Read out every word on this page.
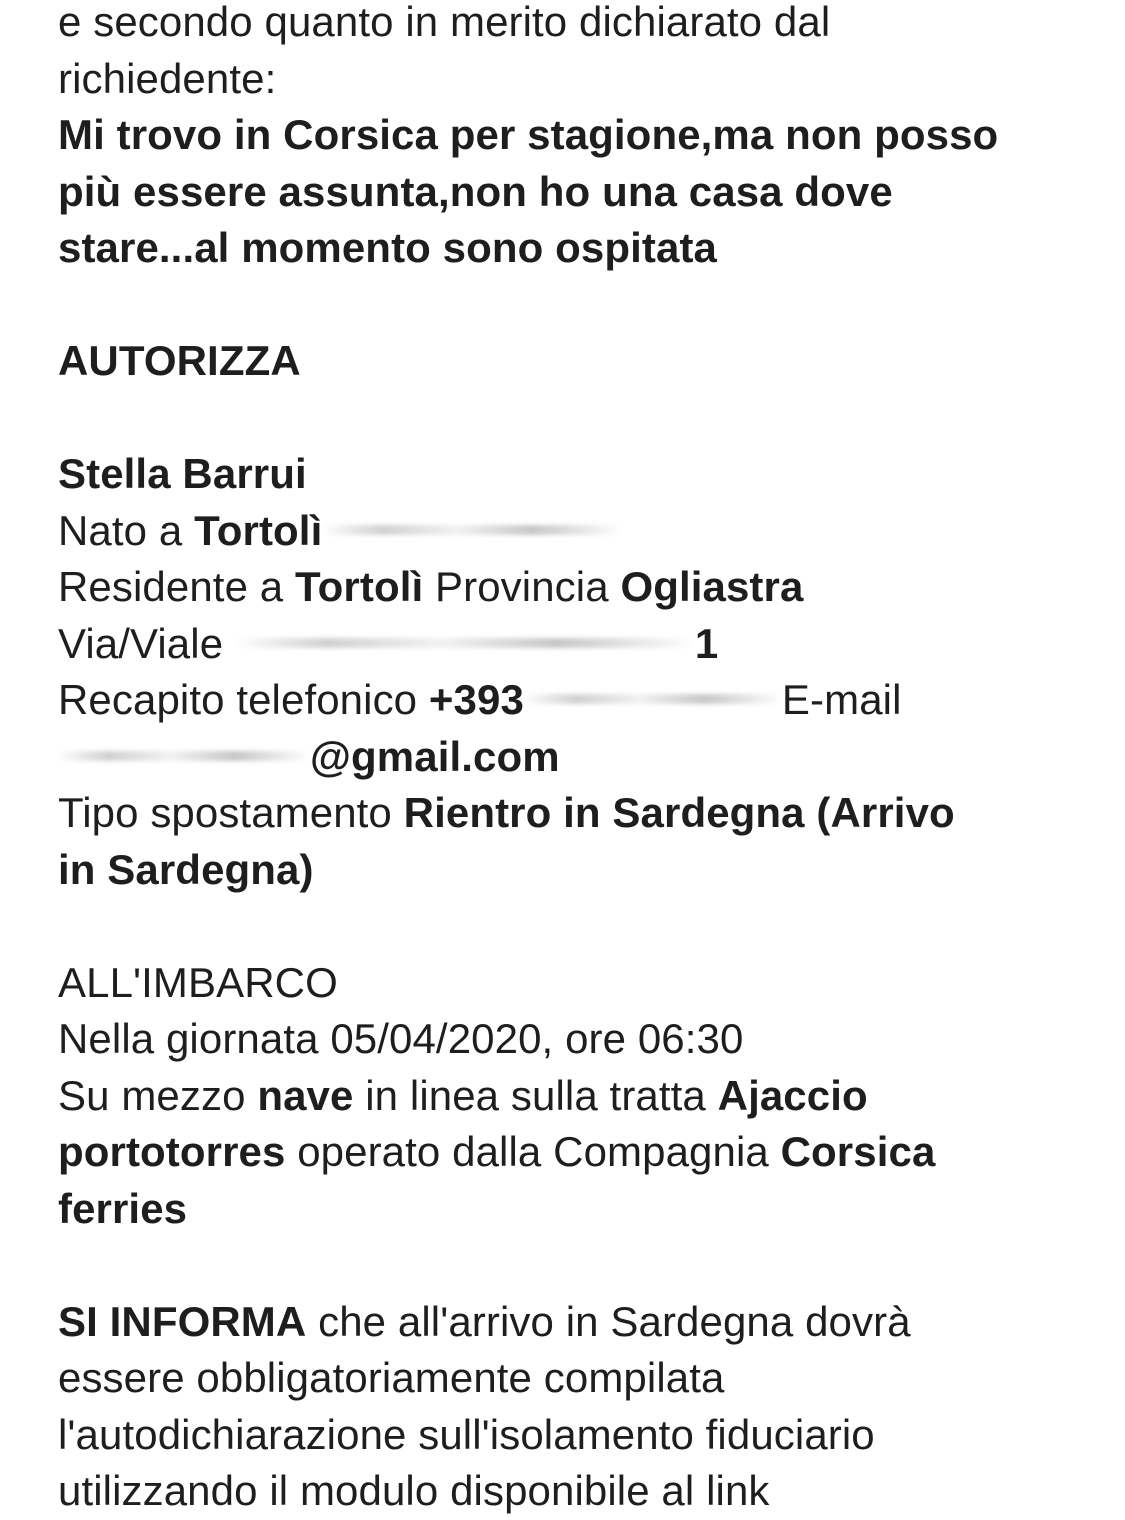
e secondo quanto in merito dichiarato dal
richiedente:
Mi trovo in Corsica per stagione,ma non posso
più essere assunta,non ho una casa dove
stare...al momento sono ospitata
AUTORIZZA
Stella Barrui
Nato a Tortolì
Residente a Tortolì Provincia Ogliastra
Via/Viale	1
Recapito telefonico +393	E-mail
@gmail.com
Tipo spostamento Rientro in Sardegna (Arrivo
in Sardegna)
ALL'IMBARCO
Nella giornata 05/04/2020, ore 06:30
Su mezzo nave in linea sulla tratta Ajaccio
portotorres operato dalla Compagnia Corsica
ferries
SI INFORMA che all'arrivo in Sardegna dovrà
essere obbligatoriamente compilata
l'autodichiarazione sull'isolamento fiduciario
utilizzando il modulo disponibile al link
